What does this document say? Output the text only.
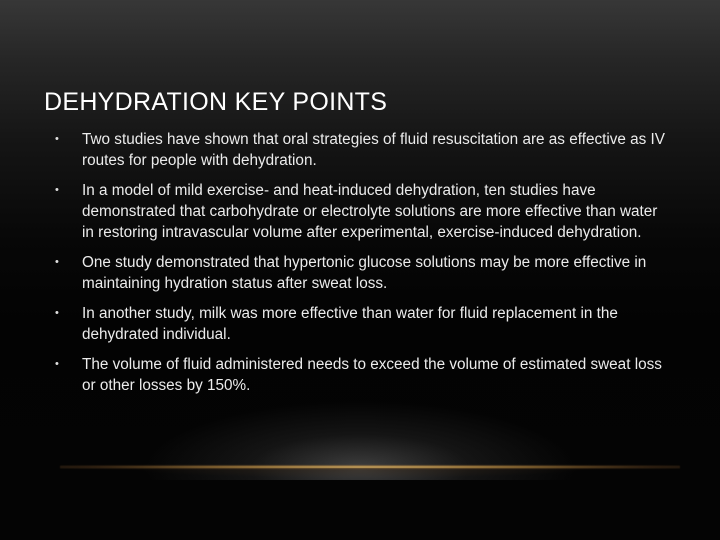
DEHYDRATION KEY POINTS
• Two studies have shown that oral strategies of fluid resuscitation are as effective as IV routes for people with dehydration.
• In a model of mild exercise- and heat-induced dehydration, ten studies have demonstrated that carbohydrate or electrolyte solutions are more effective than water in restoring intravascular volume after experimental, exercise-induced dehydration.
• One study demonstrated that hypertonic glucose solutions may be more effective in maintaining hydration status after sweat loss.
• In another study, milk was more effective than water for fluid replacement in the dehydrated individual.
• The volume of fluid administered needs to exceed the volume of estimated sweat loss or other losses by 150%.
